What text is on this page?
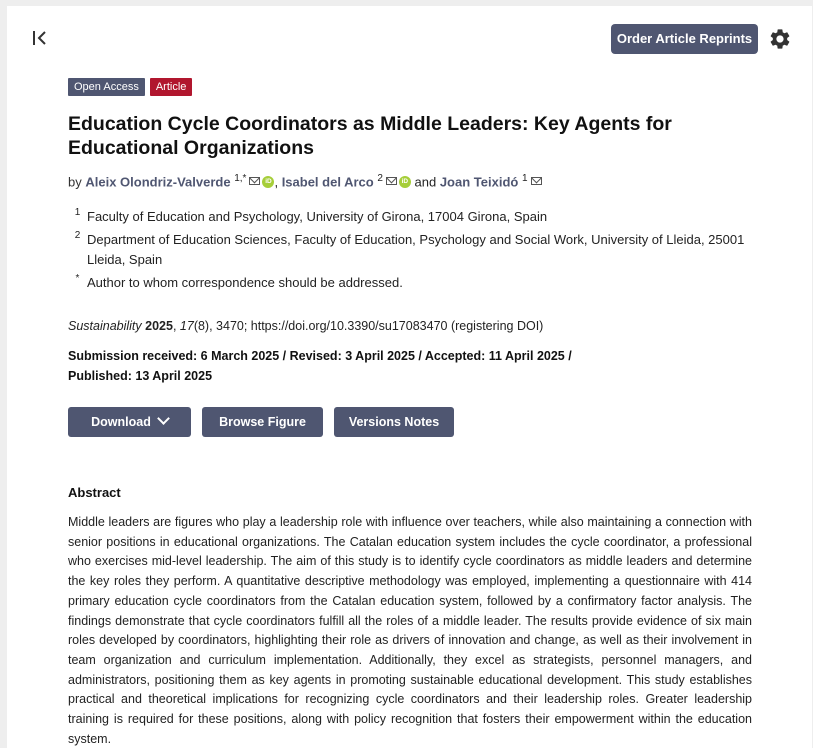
Order Article Reprints
Open Access	Article
Education Cycle Coordinators as Middle Leaders: Key Agents for Educational Organizations
by Aleix Olondriz-Valverde $^{1,*}$	iD , Isabel del Arco $^2$	iD and Joan Teixidó $^1$
1 Faculty of Education and Psychology, University of Girona, 17004 Girona, Spain
2 Department of Education Sciences, Faculty of Education, Psychology and Social Work, University of Lleida, 25001 Lleida, Spain
* Author to whom correspondence should be addressed.
Sustainability 2025, 17(8), 3470; https://doi.org/10.3390/su17083470 (registering DOI)
Submission received: 6 March 2025 / Revised: 3 April 2025 / Accepted: 11 April 2025 / Published: 13 April 2025
Download	Browse Figure	Versions Notes
Abstract

Middle leaders are figures who play a leadership role with influence over teachers, while also maintaining a connection with senior positions in educational organizations. The Catalan education system includes the cycle coordinator, a professional who exercises mid-level leadership. The aim of this study is to identify cycle coordinators as middle leaders and determine the key roles they perform. A quantitative descriptive methodology was employed, implementing a questionnaire with 414 primary education cycle coordinators from the Catalan education system, followed by a confirmatory factor analysis. The findings demonstrate that cycle coordinators fulfill all the roles of a middle leader. The results provide evidence of six main roles developed by coordinators, highlighting their role as drivers of innovation and change, as well as their involvement in team organization and curriculum implementation. Additionally, they excel as strategists, personnel managers, and administrators, positioning them as key agents in promoting sustainable educational development. This study establishes practical and theoretical implications for recognizing cycle coordinators and their leadership roles. Greater leadership training is required for these positions, along with policy recognition that fosters their empowerment within the education system.
